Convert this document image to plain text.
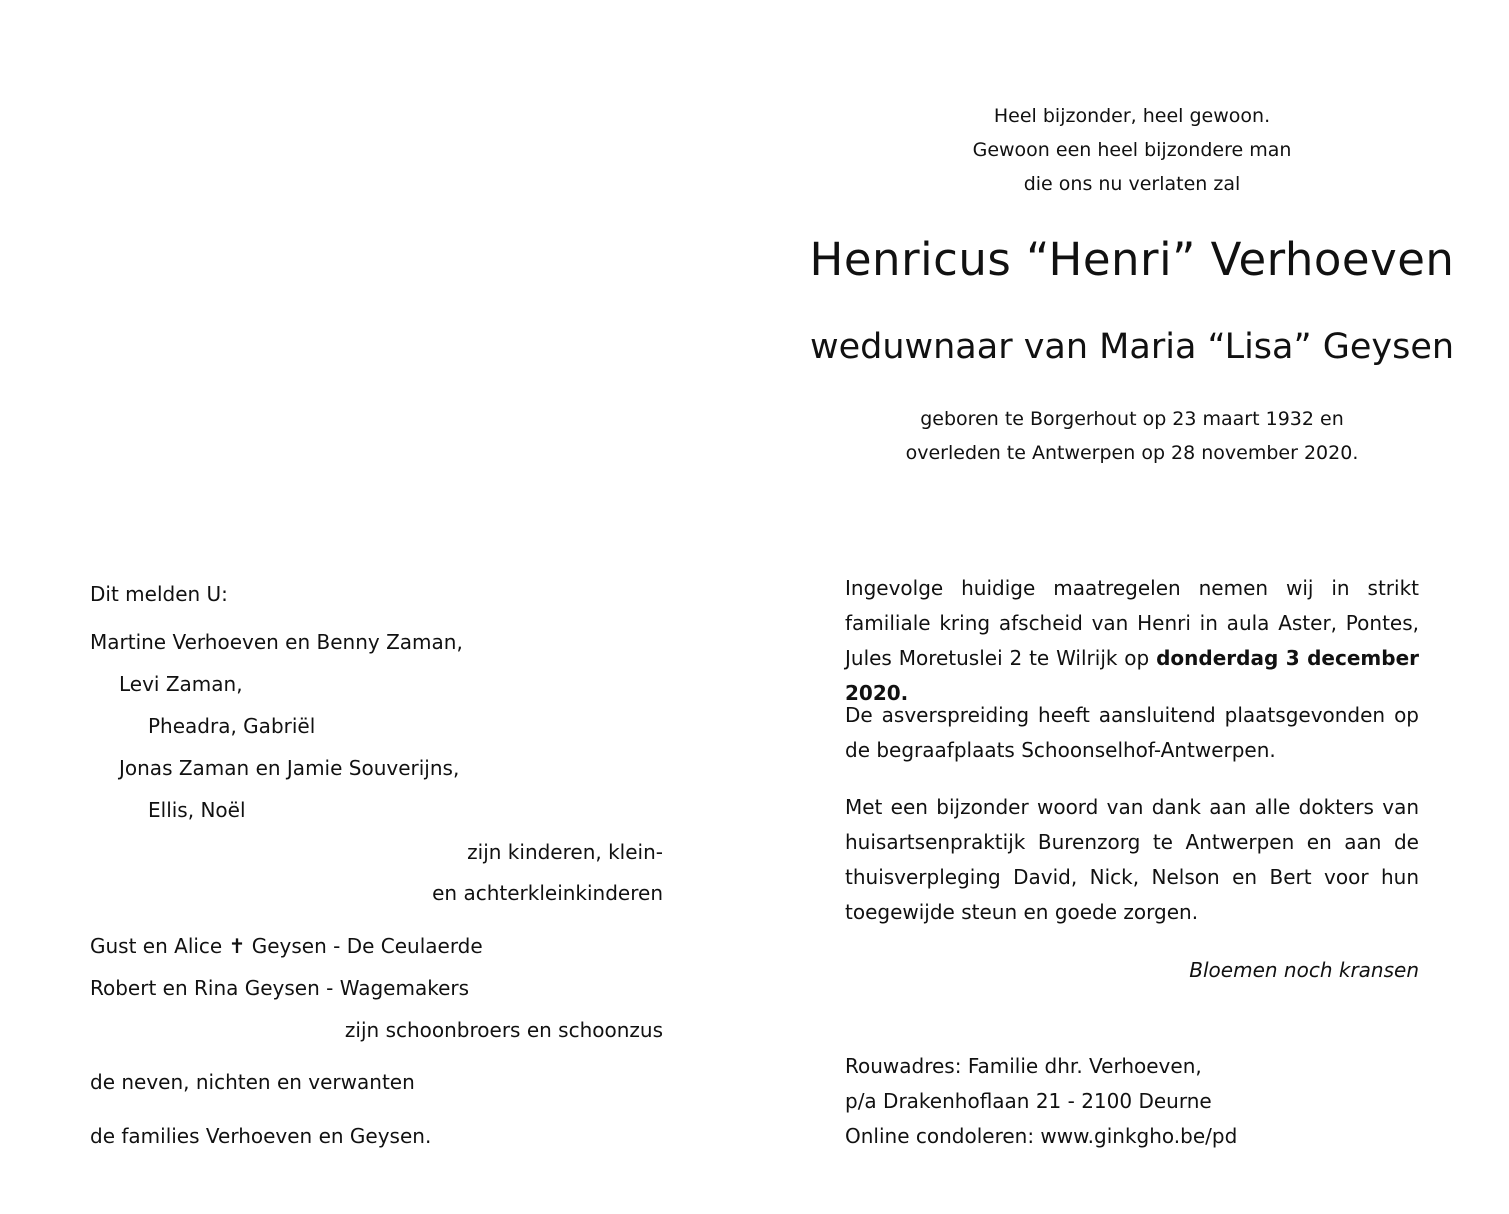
Heel bijzonder, heel gewoon.
Gewoon een heel bijzondere man
die ons nu verlaten zal
Henricus “Henri” Verhoeven
weduwnaar van Maria “Lisa” Geysen
geboren te Borgerhout op 23 maart 1932 en
overleden te Antwerpen op 28 november 2020.
Dit melden U:
Martine Verhoeven en Benny Zaman,
Levi Zaman,
Pheadra, Gabriël
Jonas Zaman en Jamie Souverijns,
Ellis, Noël
zijn kinderen, klein-
en achterkleinkinderen
Gust en Alice ✝ Geysen - De Ceulaerde
Robert en Rina Geysen - Wagemakers
zijn schoonbroers en schoonzus
de neven, nichten en verwanten
de families Verhoeven en Geysen.
Ingevolge huidige maatregelen nemen wij in strikt familiale kring afscheid van Henri in aula Aster, Pontes, Jules Moretuslei 2 te Wilrijk op donderdag 3 december 2020.
De asverspreiding heeft aansluitend plaatsgevonden op de begraafplaats Schoonselhof-Antwerpen.
Met een bijzonder woord van dank aan alle dokters van huisartsenpraktijk Burenzorg te Antwerpen en aan de thuisverpleging David, Nick, Nelson en Bert voor hun toegewijde steun en goede zorgen.
Bloemen noch kransen
Rouwadres: Familie dhr. Verhoeven,
p/a Drakenhoflaan 21 - 2100 Deurne
Online condoleren: www.ginkgho.be/pd
